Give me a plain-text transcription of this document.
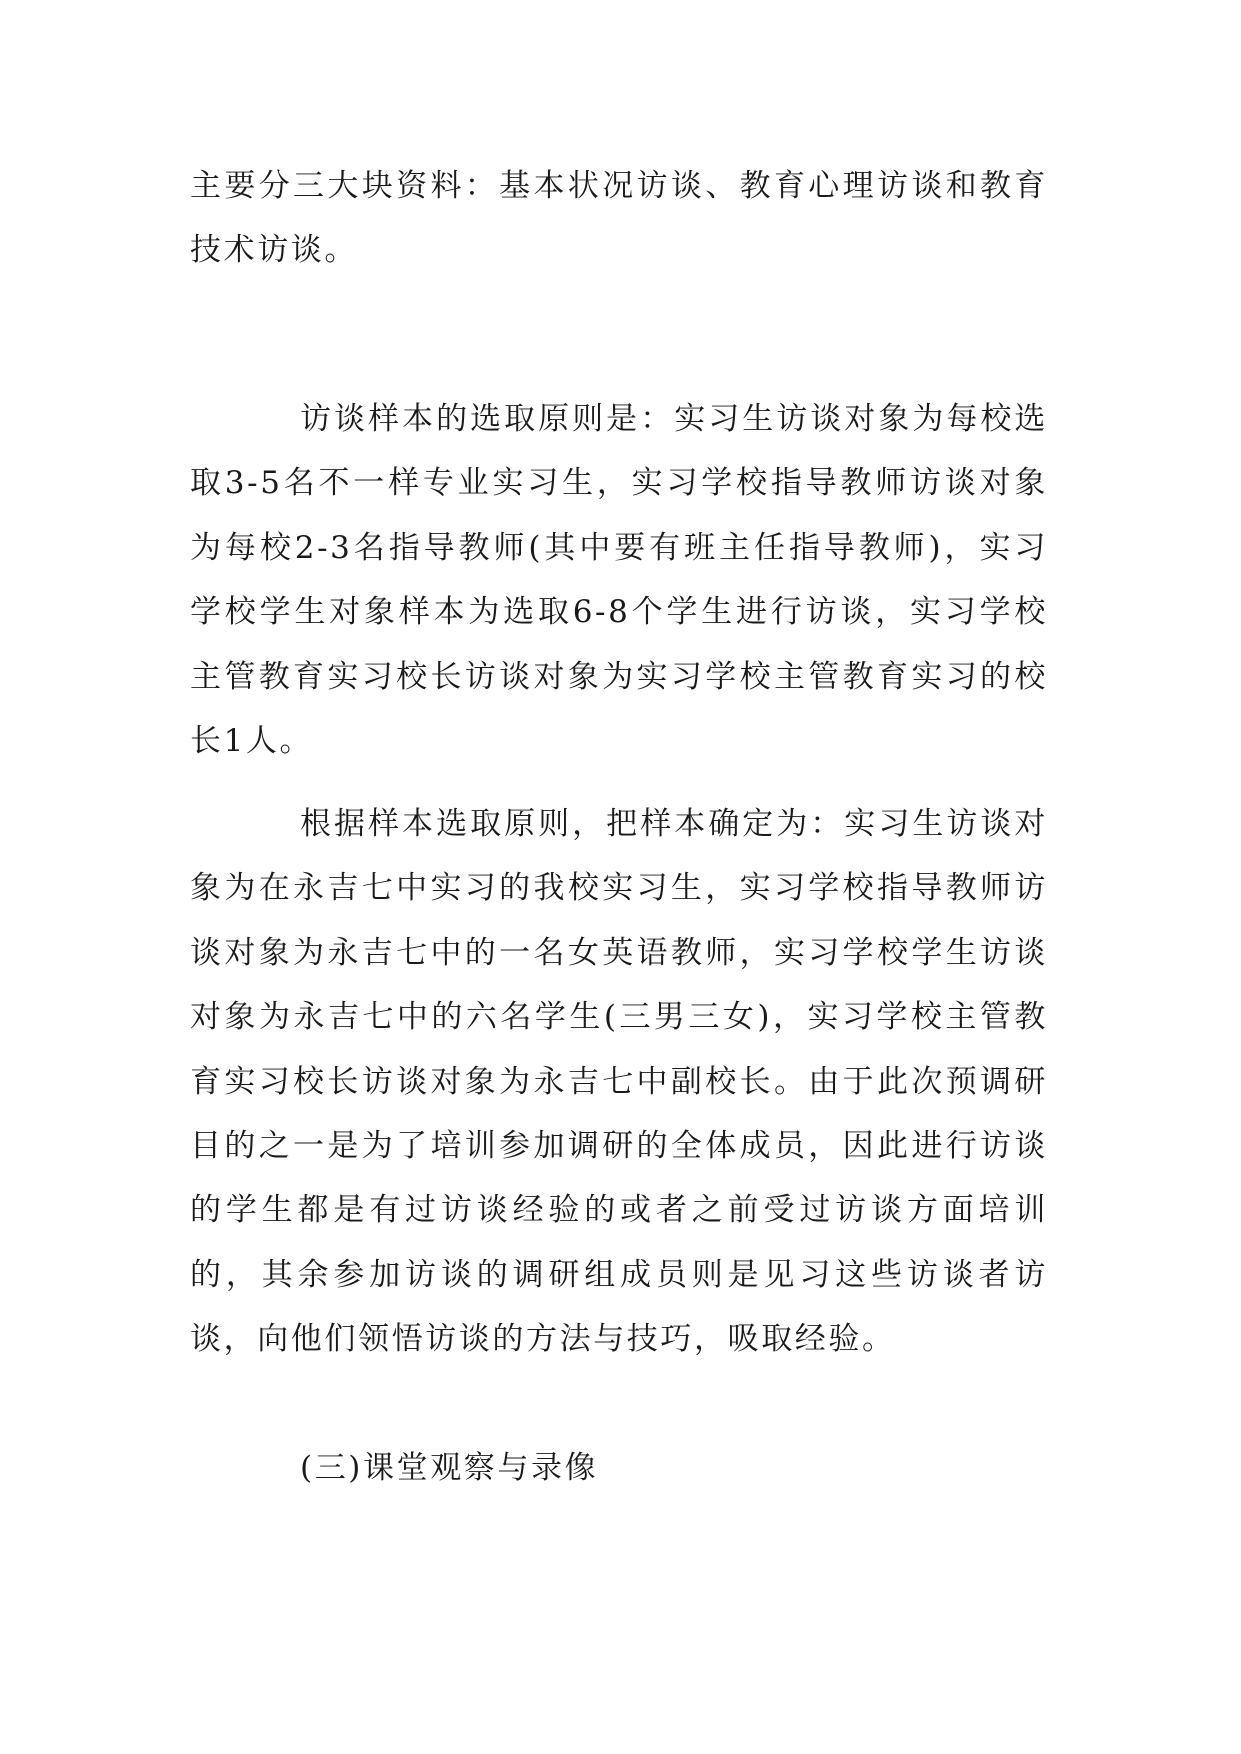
主要分三大块资料：基本状况访谈、教育心理访谈和教育技术访谈。

访谈样本的选取原则是：实习生访谈对象为每校选取3-5名不一样专业实习生，实习学校指导教师访谈对象为每校2-3名指导教师(其中要有班主任指导教师)，实习学校学生对象样本为选取6-8个学生进行访谈，实习学校主管教育实习校长访谈对象为实习学校主管教育实习的校长1人。

根据样本选取原则，把样本确定为：实习生访谈对象为在永吉七中实习的我校实习生，实习学校指导教师访谈对象为永吉七中的一名女英语教师，实习学校学生访谈对象为永吉七中的六名学生(三男三女)，实习学校主管教育实习校长访谈对象为永吉七中副校长。由于此次预调研目的之一是为了培训参加调研的全体成员，因此进行访谈的学生都是有过访谈经验的或者之前受过访谈方面培训的，其余参加访谈的调研组成员则是见习这些访谈者访谈，向他们领悟访谈的方法与技巧，吸取经验。

(三)课堂观察与录像
